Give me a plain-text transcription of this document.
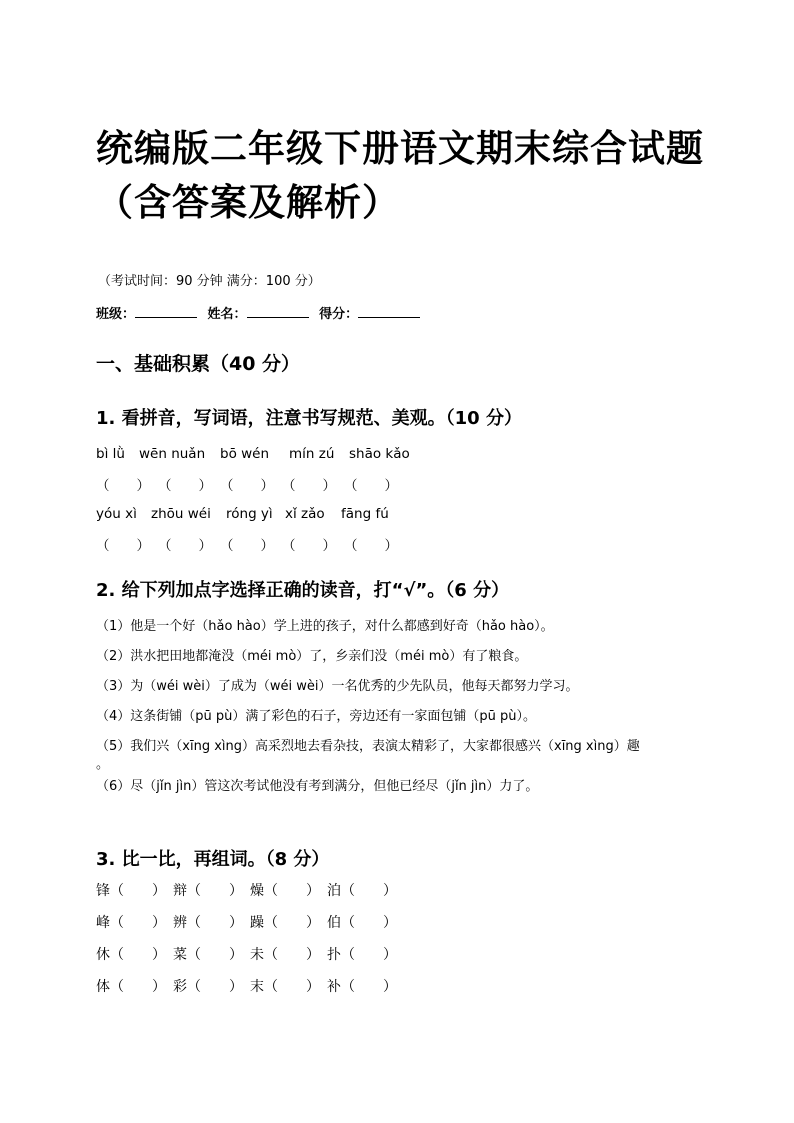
统编版二年级下册语文期末综合试题
（含答案及解析）
（考试时间：90 分钟 满分：100 分）
班级：	姓名：	得分：
一、基础积累（40 分）
1. 看拼音，写词语，注意书写规范、美观。（10 分）
bì lǜ wēn nuǎn bō wén mín zú shāo kǎo
（　　） （　　） （　　） （　　） （　　）
yóu xì zhōu wéi róng yì xǐ zǎo fāng fú
（　　） （　　） （　　） （　　） （　　）
2. 给下列加点字选择正确的读音，打“√”。（6 分）
（1）他是一个好（hǎo hào）学上进的孩子，对什么都感到好奇（hǎo hào）。
（2）洪水把田地都淹没（méi mò）了，乡亲们没（méi mò）有了粮食。
（3）为（wéi wèi）了成为（wéi wèi）一名优秀的少先队员，他每天都努力学习。
（4）这条街铺（pū pù）满了彩色的石子，旁边还有一家面包铺（pū pù）。
（5）我们兴（xīng xìng）高采烈地去看杂技，表演太精彩了，大家都很感兴（xīng xìng）趣
。
（6）尽（jǐn jìn）管这次考试他没有考到满分，但他已经尽（jǐn jìn）力了。
3. 比一比，再组词。（8 分）
锋（　　） 辩（　　） 燥（　　） 泊（　　）
峰（　　） 辨（　　） 躁（　　） 伯（　　）
休（　　） 菜（　　） 未（　　） 扑（　　）
体（　　） 彩（　　） 末（　　） 补（　　）
